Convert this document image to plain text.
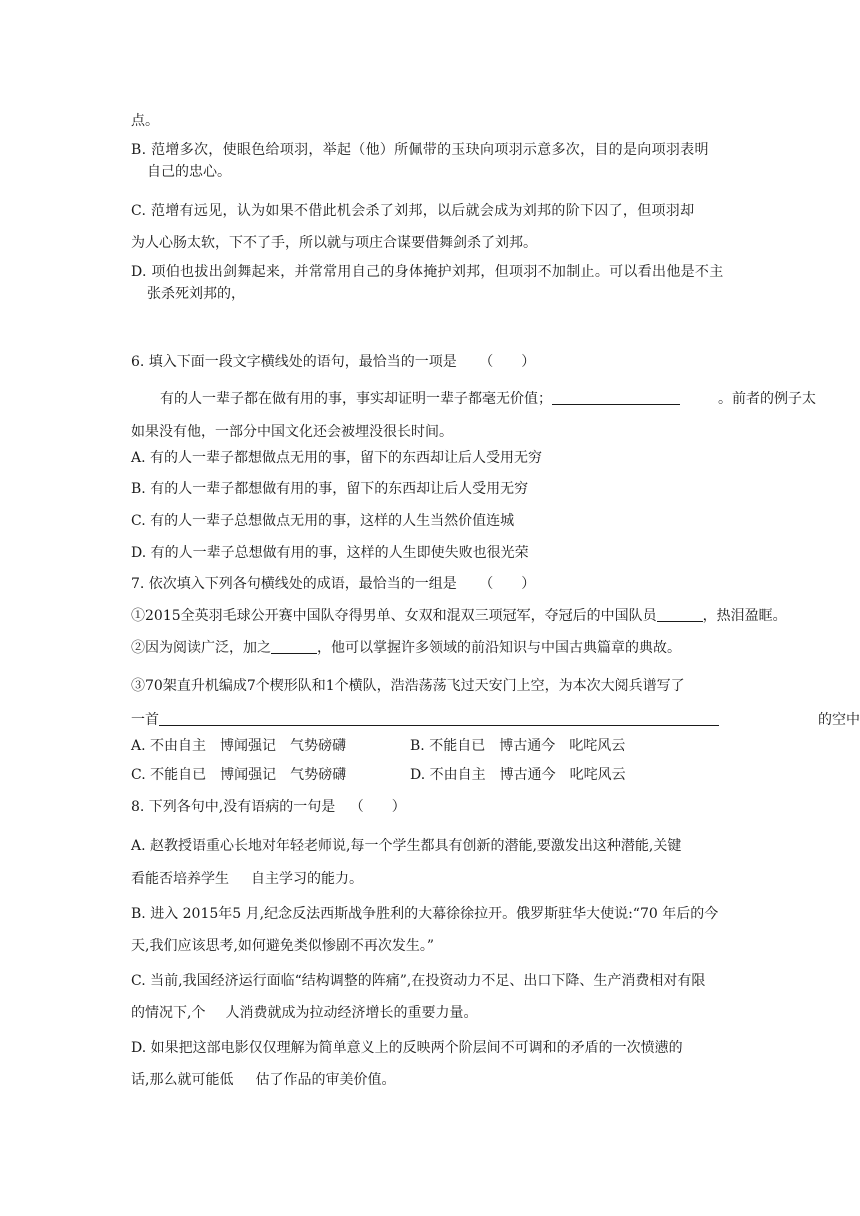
点。
B. 范增多次，使眼色给项羽，举起（他）所佩带的玉玦向项羽示意多次，目的是向项羽表明
自己的忠心。
C. 范增有远见，认为如果不借此机会杀了刘邦，以后就会成为刘邦的阶下囚了，但项羽却
为人心肠太软，下不了手，所以就与项庄合谋要借舞剑杀了刘邦。
D. 项伯也拔出剑舞起来，并常常用自己的身体掩护刘邦，但项羽不加制止。可以看出他是不主
张杀死刘邦的，
6. 填入下面一段文字横线处的语句，最恰当的一项是 （　　）
有的人一辈子都在做有用的事，事实却证明一辈子都毫无价值；	。前者的例子太
如果没有他，一部分中国文化还会被埋没很长时间。
A. 有的人一辈子都想做点无用的事，留下的东西却让后人受用无穷
B. 有的人一辈子都想做有用的事，留下的东西却让后人受用无穷
C. 有的人一辈子总想做点无用的事，这样的人生当然价值连城
D. 有的人一辈子总想做有用的事，这样的人生即使失败也很光荣
7. 依次填入下列各句横线处的成语，最恰当的一组是 （　　）
①2015全英羽毛球公开赛中国队夺得男单、女双和混双三项冠军，夺冠后的中国队员	，热泪盈眶。
②因为阅读广泛，加之	，他可以掌握许多领域的前沿知识与中国古典篇章的典故。
③70架直升机编成7个楔形队和1个横队，浩浩荡荡飞过天安门上空，为本次大阅兵谱写了
一首	的空中
A. 不由自主　博闻强记　气势磅礴	B. 不能自已　博古通今　叱咤风云
C. 不能自已　博闻强记　气势磅礴	D. 不由自主　博古通今　叱咤风云
8. 下列各句中,没有语病的一句是 （　　）
A. 赵教授语重心长地对年轻老师说,每一个学生都具有创新的潜能,要激发出这种潜能,关键
看能否培养学生 自主学习的能力。
B. 进入 2015年5 月,纪念反法西斯战争胜利的大幕徐徐拉开。俄罗斯驻华大使说:“70 年后的今
天,我们应该思考,如何避免类似惨剧不再次发生。”
C. 当前,我国经济运行面临“结构调整的阵痛”,在投资动力不足、出口下降、生产消费相对有限
的情况下,个 人消费就成为拉动经济增长的重要力量。
D. 如果把这部电影仅仅理解为简单意义上的反映两个阶层间不可调和的矛盾的一次愤懑的
话,那么就可能低 估了作品的审美价值。
